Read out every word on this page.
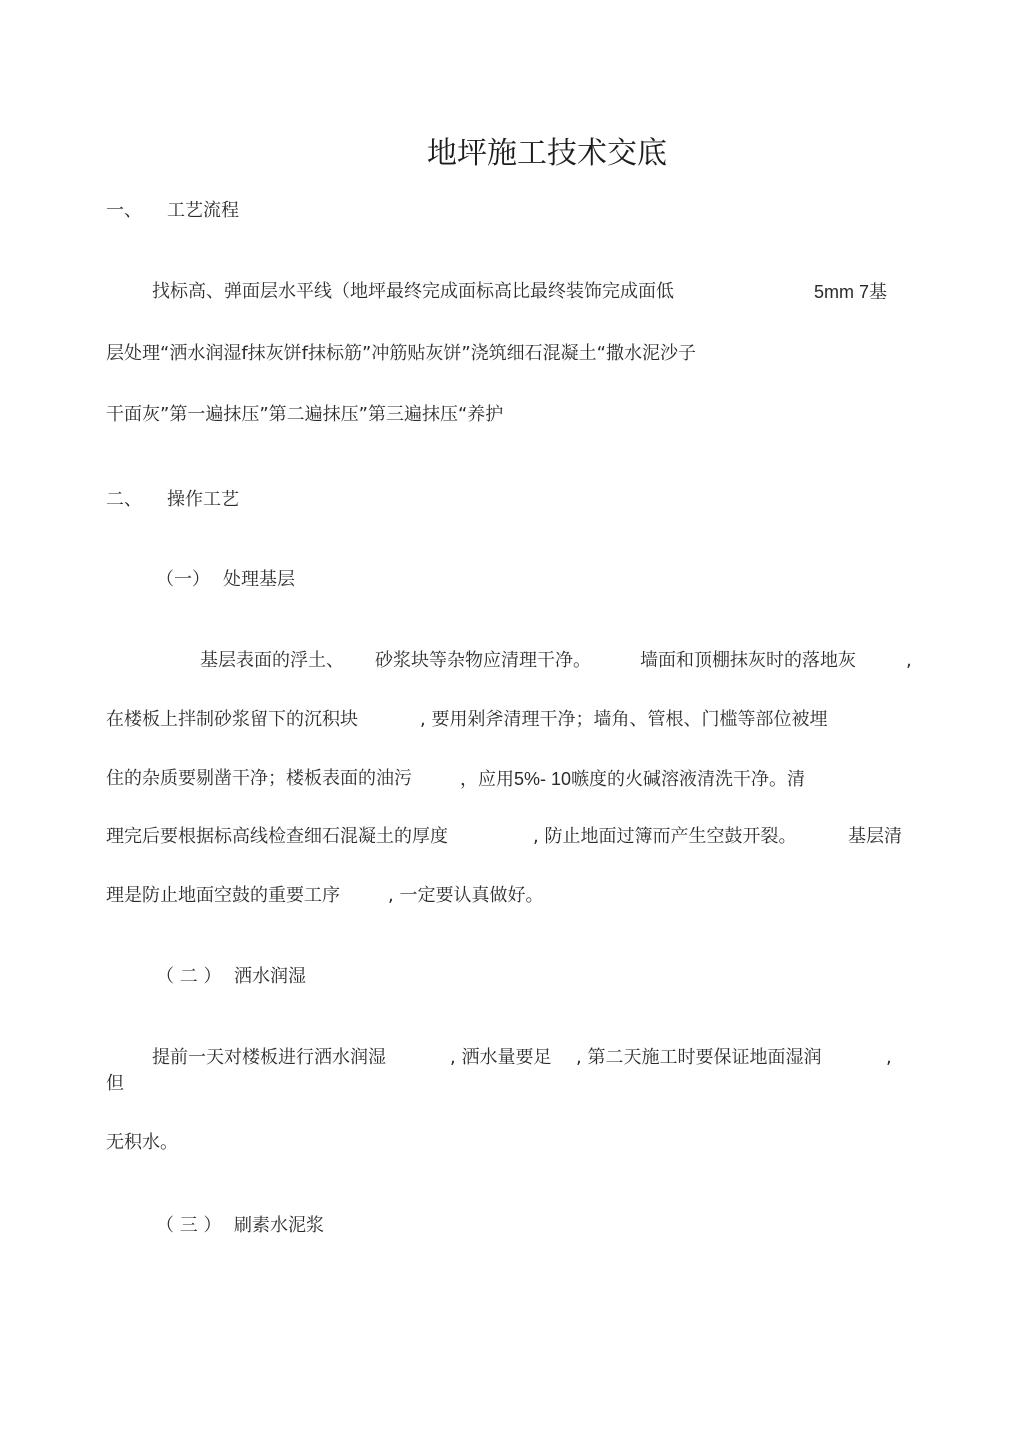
地坪施工技术交底
一、 工艺流程
找标高、弹面层水平线（地坪最终完成面标高比最终装饰完成面低	5mm 7基
层处理“洒水润湿f抹灰饼f抹标筋”冲筋贴灰饼”浇筑细石混凝土“撒水泥沙子
干面灰”第一遍抹压”第二遍抹压”第三遍抹压“养护
二、 操作工艺
（一） 处理基层
基层表面的浮土、 砂浆块等杂物应清理干净。	墙面和顶棚抹灰时的落地灰	,
在楼板上拌制砂浆留下的沉积块	, 要用剁斧清理干净；墙角、管根、门槛等部位被埋
住的杂质要剔凿干净；楼板表面的油污	，应用5%- 10嗾度的火碱溶液清洗干净。清
理完后要根据标高线检查细石混凝土的厚度	, 防止地面过簿而产生空鼓开裂。	基层清
理是防止地面空鼓的重要工序	, 一定要认真做好。
（ 二 ） 洒水润湿
提前一天对楼板进行洒水润湿	, 洒水量要足 , 第二天施工时要保证地面湿润	,
但
无积水。
（ 三 ） 刷素水泥浆
